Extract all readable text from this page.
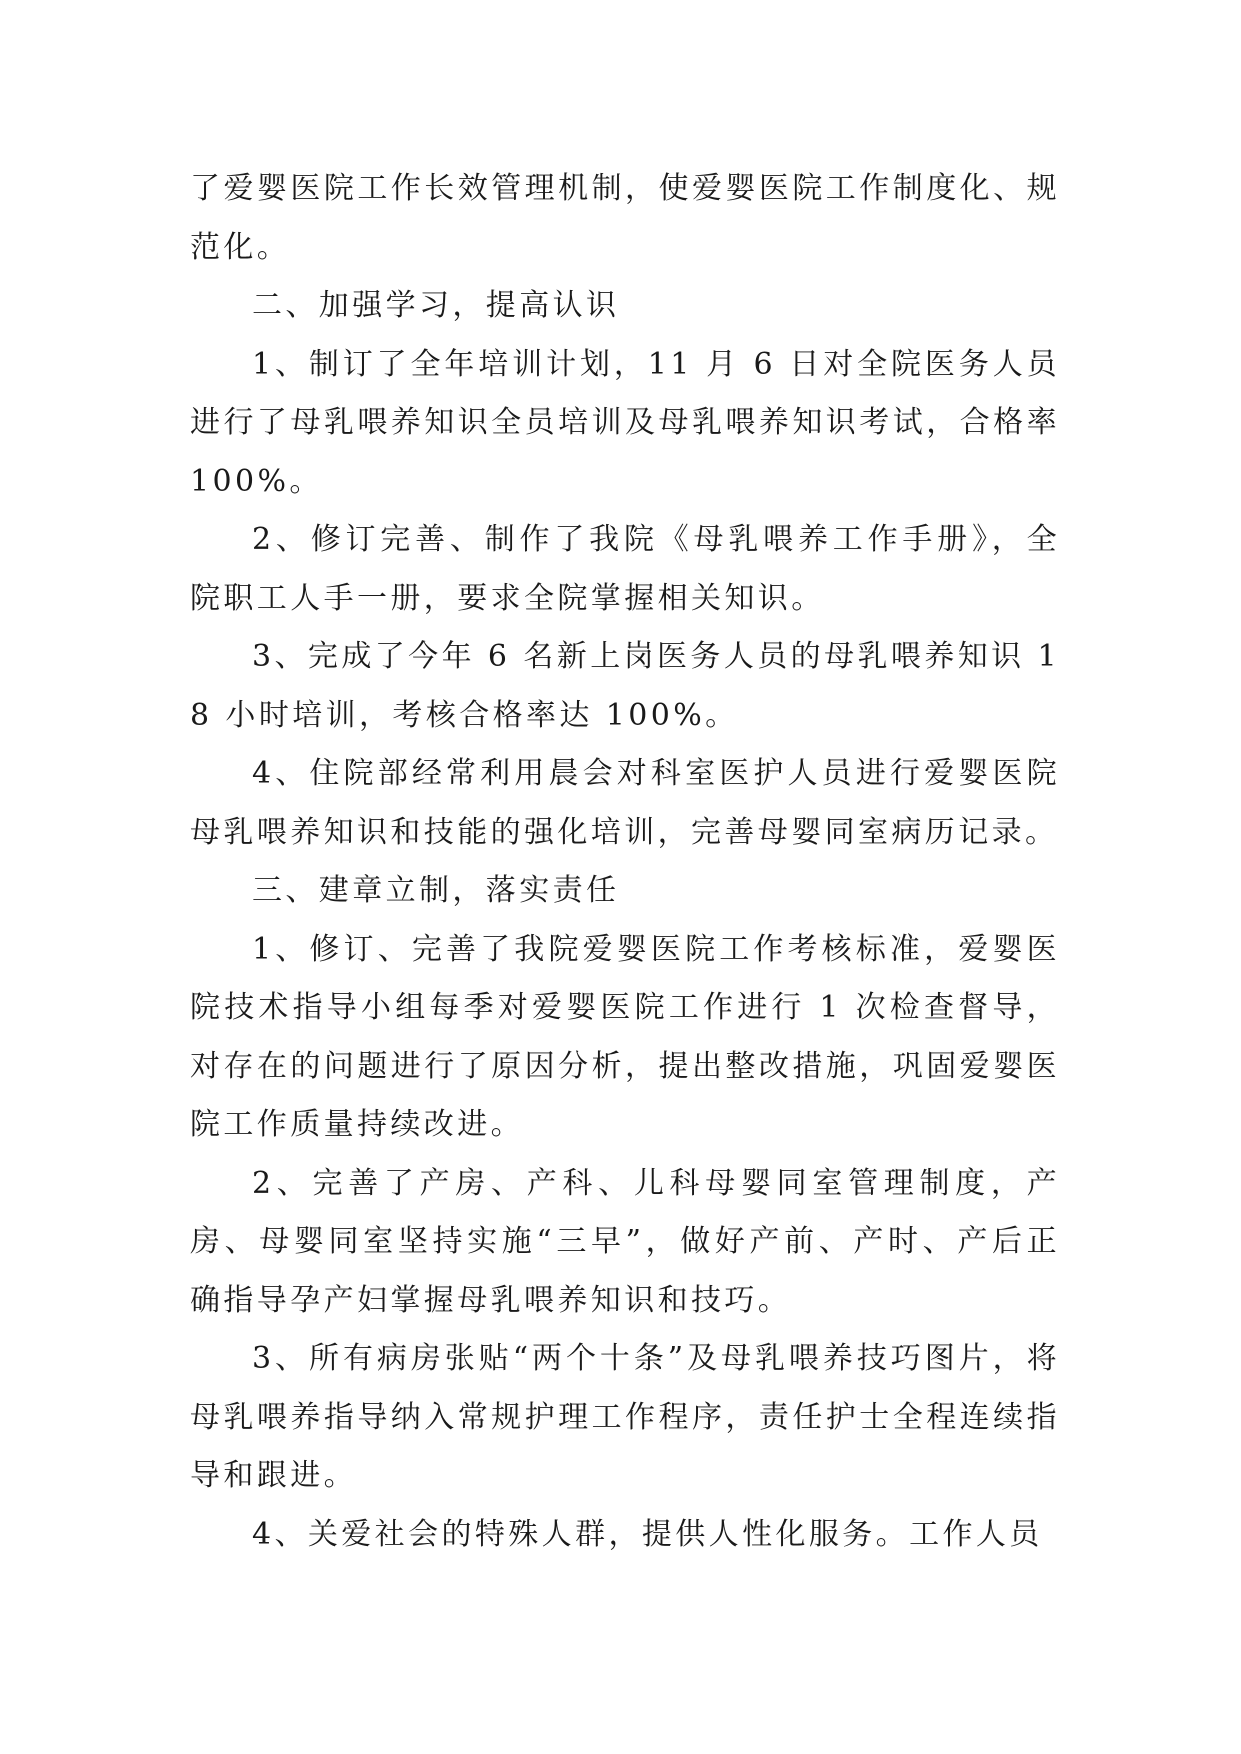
了爱婴医院工作长效管理机制，使爱婴医院工作制度化、规范化。

二、加强学习，提高认识

1、制订了全年培训计划，11 月 6 日对全院医务人员进行了母乳喂养知识全员培训及母乳喂养知识考试，合格率100%。

2、修订完善、制作了我院《母乳喂养工作手册》，全院职工人手一册，要求全院掌握相关知识。

3、完成了今年 6 名新上岗医务人员的母乳喂养知识 18 小时培训，考核合格率达 100%。

4、住院部经常利用晨会对科室医护人员进行爱婴医院母乳喂养知识和技能的强化培训，完善母婴同室病历记录。

三、建章立制，落实责任

1、修订、完善了我院爱婴医院工作考核标准，爱婴医院技术指导小组每季对爱婴医院工作进行 1 次检查督导，对存在的问题进行了原因分析，提出整改措施，巩固爱婴医院工作质量持续改进。

2、完善了产房、产科、儿科母婴同室管理制度，产房、母婴同室坚持实施“三早”，做好产前、产时、产后正确指导孕产妇掌握母乳喂养知识和技巧。

3、所有病房张贴“两个十条”及母乳喂养技巧图片，将母乳喂养指导纳入常规护理工作程序，责任护士全程连续指导和跟进。

4、关爱社会的特殊人群，提供人性化服务。工作人员
